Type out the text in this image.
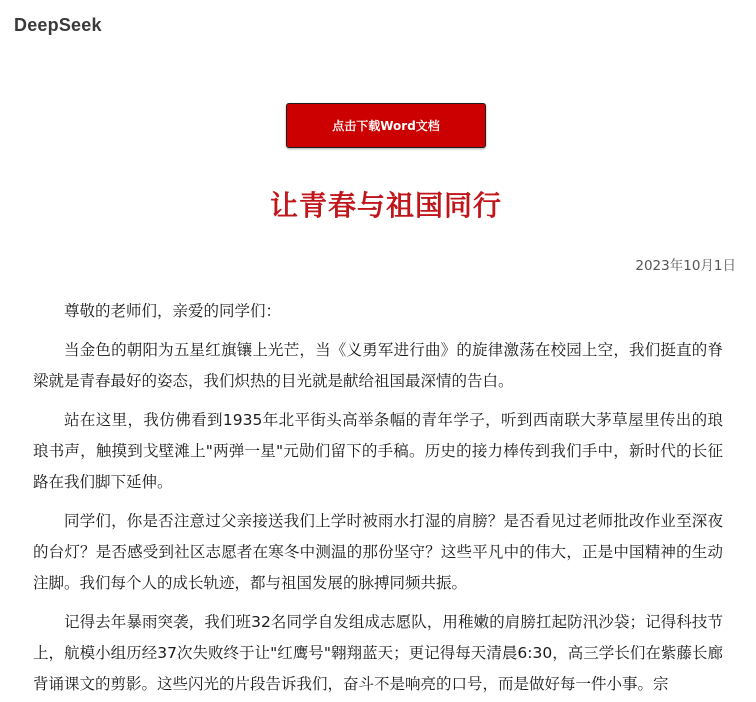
DeepSeek
点击下载Word文档
让青春与祖国同行
2023年10月1日

尊敬的老师们，亲爱的同学们：

当金色的朝阳为五星红旗镶上光芒，当《义勇军进行曲》的旋律激荡在校园上空，我们挺直的脊梁就是青春最好的姿态，我们炽热的目光就是献给祖国最深情的告白。

站在这里，我仿佛看到1935年北平街头高举条幅的青年学子，听到西南联大茅草屋里传出的琅琅书声，触摸到戈壁滩上"两弹一星"元勋们留下的手稿。历史的接力棒传到我们手中，新时代的长征路在我们脚下延伸。

同学们，你是否注意过父亲接送我们上学时被雨水打湿的肩膀？是否看见过老师批改作业至深夜的台灯？是否感受到社区志愿者在寒冬中测温的那份坚守？这些平凡中的伟大，正是中国精神的生动注脚。我们每个人的成长轨迹，都与祖国发展的脉搏同频共振。

记得去年暴雨突袭，我们班32名同学自发组成志愿队，用稚嫩的肩膀扛起防汛沙袋；记得科技节上，航模小组历经37次失败终于让"红鹰号"翱翔蓝天；更记得每天清晨6:30，高三学长们在紫藤长廊背诵课文的剪影。这些闪光的片段告诉我们，奋斗不是响亮的口号，而是做好每一件小事。宗
